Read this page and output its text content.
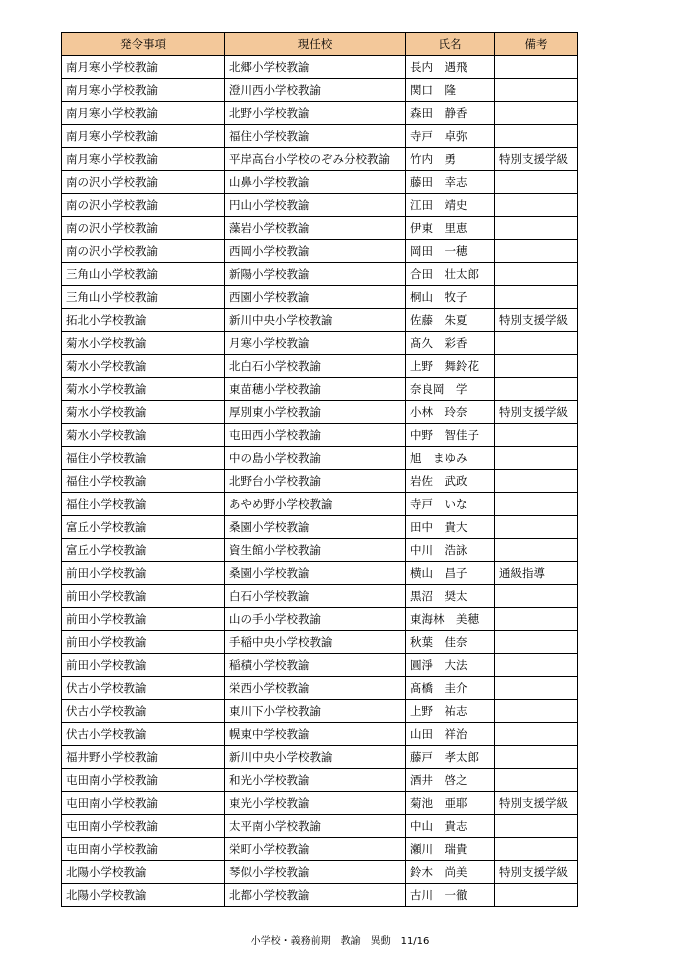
発令事項	現任校	氏名	備考
南月寒小学校教諭	北郷小学校教諭	長内　遇飛	
南月寒小学校教諭	澄川西小学校教諭	関口　隆	
南月寒小学校教諭	北野小学校教諭	森田　静香	
南月寒小学校教諭	福住小学校教諭	寺戸　卓弥	
南月寒小学校教諭	平岸高台小学校のぞみ分校教諭	竹内　勇	特別支援学級
南の沢小学校教諭	山鼻小学校教諭	藤田　幸志	
南の沢小学校教諭	円山小学校教諭	江田　靖史	
南の沢小学校教諭	藻岩小学校教諭	伊東　里恵	
南の沢小学校教諭	西岡小学校教諭	岡田　一穂	
三角山小学校教諭	新陽小学校教諭	合田　壮太郎	
三角山小学校教諭	西園小学校教諭	桐山　牧子	
拓北小学校教諭	新川中央小学校教諭	佐藤　朱夏	特別支援学級
菊水小学校教諭	月寒小学校教諭	髙久　彩香	
菊水小学校教諭	北白石小学校教諭	上野　舞鈴花	
菊水小学校教諭	東苗穂小学校教諭	奈良岡　学	
菊水小学校教諭	厚別東小学校教諭	小林　玲奈	特別支援学級
菊水小学校教諭	屯田西小学校教諭	中野　智佳子	
福住小学校教諭	中の島小学校教諭	旭　まゆみ	
福住小学校教諭	北野台小学校教諭	岩佐　武政	
福住小学校教諭	あやめ野小学校教諭	寺戸　いな	
富丘小学校教諭	桑園小学校教諭	田中　貴大	
富丘小学校教諭	資生館小学校教諭	中川　浩詠	
前田小学校教諭	桑園小学校教諭	横山　昌子	通級指導
前田小学校教諭	白石小学校教諭	黒沼　奨太	
前田小学校教諭	山の手小学校教諭	東海林　美穂	
前田小学校教諭	手稲中央小学校教諭	秋葉　佳奈	
前田小学校教諭	稲積小学校教諭	圓淨　大法	
伏古小学校教諭	栄西小学校教諭	髙橋　圭介	
伏古小学校教諭	東川下小学校教諭	上野　祐志	
伏古小学校教諭	幌東中学校教諭	山田　祥治	
福井野小学校教諭	新川中央小学校教諭	藤戸　孝太郎	
屯田南小学校教諭	和光小学校教諭	酒井　啓之	
屯田南小学校教諭	東光小学校教諭	菊池　亜耶	特別支援学級
屯田南小学校教諭	太平南小学校教諭	中山　貴志	
屯田南小学校教諭	栄町小学校教諭	瀬川　瑞貴	
北陽小学校教諭	琴似小学校教諭	鈴木　尚美	特別支援学級
北陽小学校教諭	北都小学校教諭	古川　一徹	
小学校・義務前期　教諭　異動　11/16
